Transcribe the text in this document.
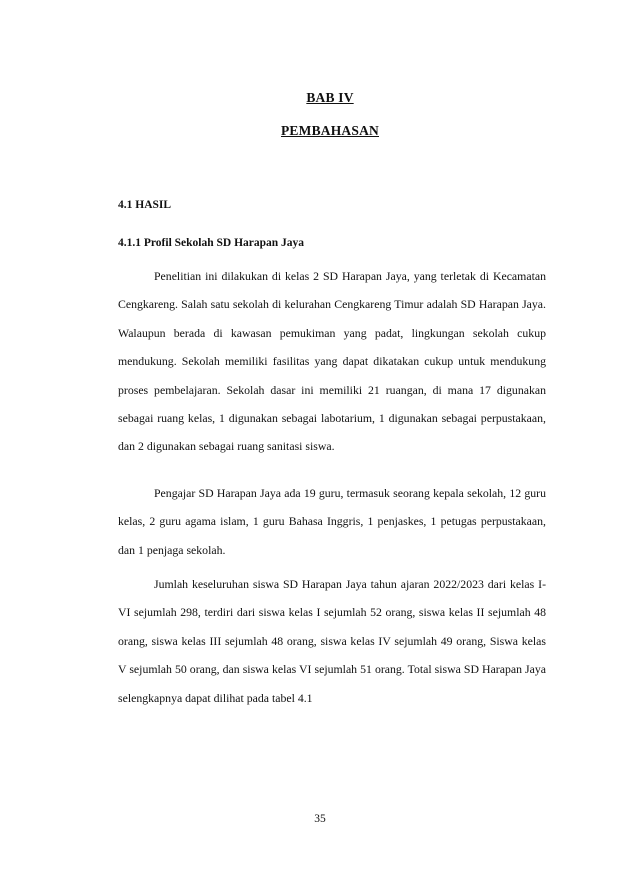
BAB IV
PEMBAHASAN
4.1 HASIL
4.1.1 Profil Sekolah SD Harapan Jaya

Penelitian ini dilakukan di kelas 2 SD Harapan Jaya, yang terletak di Kecamatan Cengkareng. Salah satu sekolah di kelurahan Cengkareng Timur adalah SD Harapan Jaya. Walaupun berada di kawasan pemukiman yang padat, lingkungan sekolah cukup mendukung. Sekolah memiliki fasilitas yang dapat dikatakan cukup untuk mendukung proses pembelajaran. Sekolah dasar ini memiliki 21 ruangan, di mana 17 digunakan sebagai ruang kelas, 1 digunakan sebagai labotarium, 1 digunakan sebagai perpustakaan, dan 2 digunakan sebagai ruang sanitasi siswa.

Pengajar SD Harapan Jaya ada 19 guru, termasuk seorang kepala sekolah, 12 guru kelas, 2 guru agama islam, 1 guru Bahasa Inggris, 1 penjaskes, 1 petugas perpustakaan, dan 1 penjaga sekolah.

Jumlah keseluruhan siswa SD Harapan Jaya tahun ajaran 2022/2023 dari kelas I-VI sejumlah 298, terdiri dari siswa kelas I sejumlah 52 orang, siswa kelas II sejumlah 48 orang, siswa kelas III sejumlah 48 orang, siswa kelas IV sejumlah 49 orang, Siswa kelas V sejumlah 50 orang, dan siswa kelas VI sejumlah 51 orang. Total siswa SD Harapan Jaya selengkapnya dapat dilihat pada tabel 4.1

35
